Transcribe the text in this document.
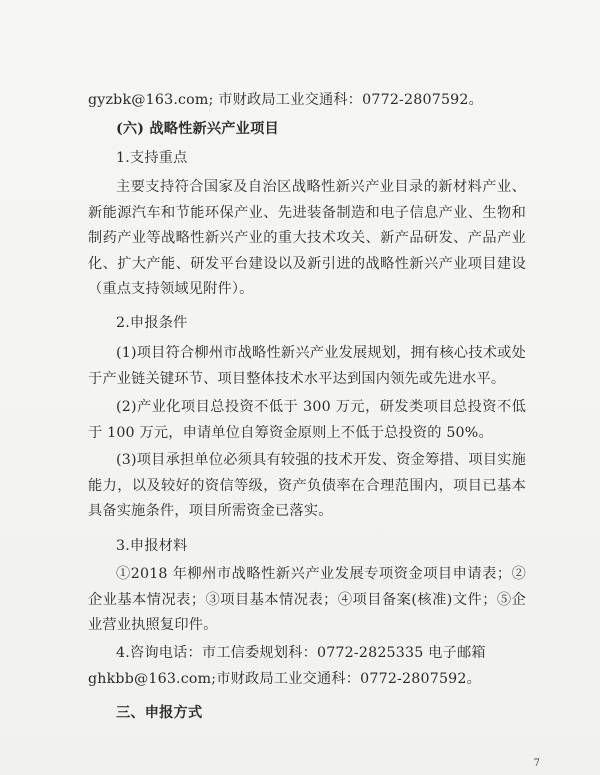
gyzbk@163.com; 市财政局工业交通科：0772-2807592。

(六) 战略性新兴产业项目

1.支持重点

主要支持符合国家及自治区战略性新兴产业目录的新材料产业、新能源汽车和节能环保产业、先进装备制造和电子信息产业、生物和制药产业等战略性新兴产业的重大技术攻关、新产品研发、产品产业化、扩大产能、研发平台建设以及新引进的战略性新兴产业项目建设（重点支持领域见附件）。

2.申报条件

(1)项目符合柳州市战略性新兴产业发展规划，拥有核心技术或处于产业链关键环节、项目整体技术水平达到国内领先或先进水平。

(2)产业化项目总投资不低于 300 万元，研发类项目总投资不低于 100 万元，申请单位自筹资金原则上不低于总投资的 50%。

(3)项目承担单位必须具有较强的技术开发、资金筹措、项目实施能力，以及较好的资信等级，资产负债率在合理范围内，项目已基本具备实施条件，项目所需资金已落实。

3.申报材料

①2018 年柳州市战略性新兴产业发展专项资金项目申请表；②企业基本情况表；③项目基本情况表；④项目备案(核准)文件；⑤企业营业执照复印件。

4.咨询电话：市工信委规划科：0772-2825335 电子邮箱

ghkbb@163.com;市财政局工业交通科：0772-2807592。

三、申报方式

7
